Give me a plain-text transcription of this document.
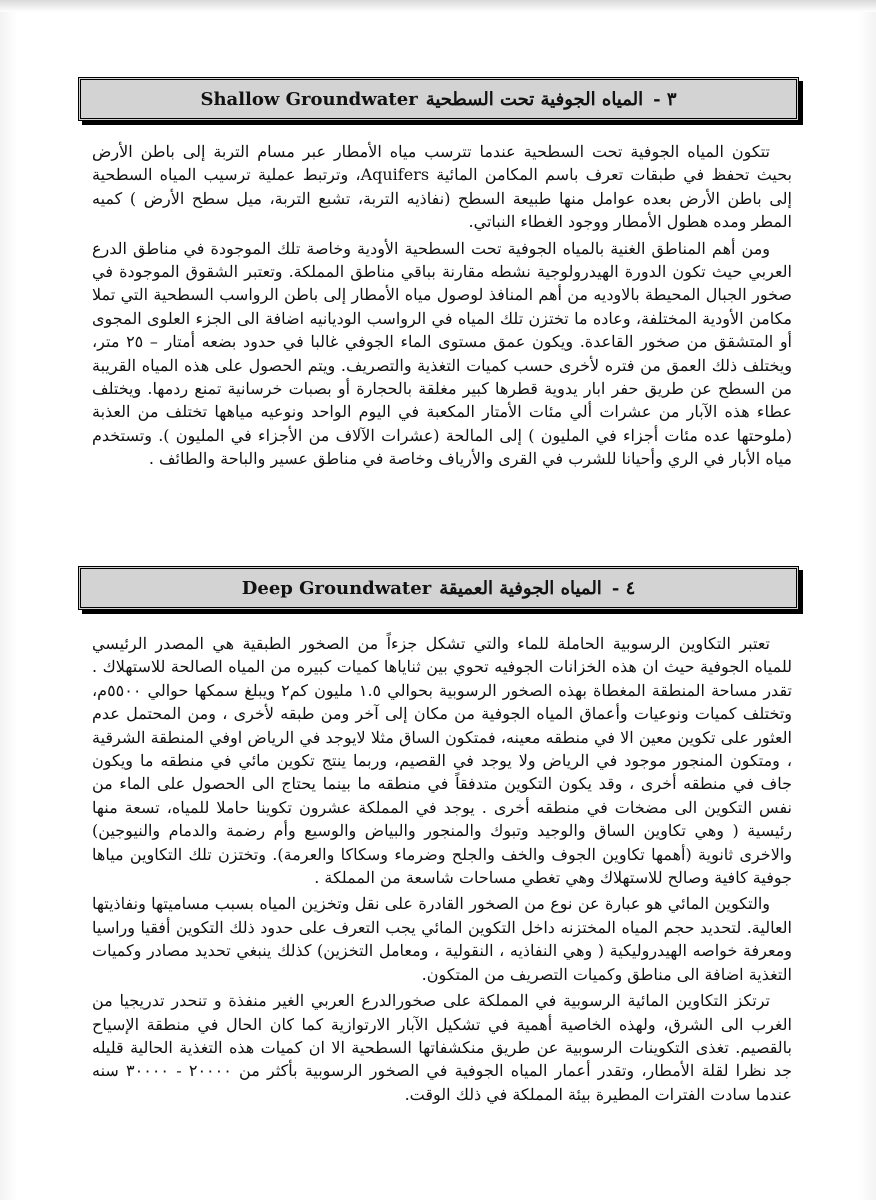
٣ -
المياه الجوفية تحت السطحية
Shallow Groundwater

تتكون المياه الجوفية تحت السطحية عندما تترسب مياه الأمطار عبر مسام التربة إلى باطن الأرض بحيث تحفظ في طبقات تعرف باسم المكامن المائية Aquifers، وترتبط عملية ترسيب المياه السطحية إلى باطن الأرض بعده عوامل منها طبيعة السطح (نفاذيه التربة، تشبع التربة، ميل سطح الأرض ) كميه المطر ومده هطول الأمطار ووجود الغطاء النباتي.

ومن أهم المناطق الغنية بالمياه الجوفية تحت السطحية الأودية وخاصة تلك الموجودة في مناطق الدرع العربي حيث تكون الدورة الهيدرولوجية نشطه مقارنة بباقي مناطق المملكة. وتعتبر الشقوق الموجودة في صخور الجبال المحيطة بالاوديه من أهم المنافذ لوصول مياه الأمطار إلى باطن الرواسب السطحية التي تملا مكامن الأودية المختلفة، وعاده ما تختزن تلك المياه في الرواسب الوديانيه اضافة الى الجزء العلوى المجوى أو المتشقق من صخور القاعدة. ويكون عمق مستوى الماء الجوفي غالبا في حدود بضعه أمتار – ٢٥ متر، ويختلف ذلك العمق من فتره لأخرى حسب كميات التغذية والتصريف. ويتم الحصول على هذه المياه القريبة من السطح عن طريق حفر ابار يدوية قطرها كبير مغلقة بالحجارة أو بصبات خرسانية تمنع ردمها. ويختلف عطاء هذه الآبار من عشرات ألي مئات الأمتار المكعبة في اليوم الواحد ونوعيه مياهها تختلف من العذبة (ملوحتها عده مئات أجزاء في المليون ) إلى المالحة (عشرات الآلاف من الأجزاء في المليون ). وتستخدم مياه الأبار في الري وأحيانا للشرب في القرى والأرياف وخاصة في مناطق عسير والباحة والطائف .

٤ -
المياه الجوفية العميقة
Deep Groundwater

تعتبر التكاوين الرسوبية الحاملة للماء والتي تشكل جزءاً من الصخور الطبقية هي المصدر الرئيسي للمياه الجوفية حيث ان هذه الخزانات الجوفيه تحوي بين ثناياها كميات كبيره من المياه الصالحة للاستهلاك . تقدر مساحة المنطقة المغطاة بهذه الصخور الرسوبية بحوالي ١.٥ مليون كم٢ ويبلغ سمكها حوالي ٥٥٠٠م، وتختلف كميات ونوعيات وأعماق المياه الجوفية من مكان إلى آخر ومن طبقه لأخرى ، ومن المحتمل عدم العثور على تكوين معين الا في منطقه معينه، فمتكون الساق مثلا لايوجد في الرياض اوفي المنطقة الشرقية ، ومتكون المنجور موجود في الرياض ولا يوجد في القصيم، وربما ينتج تكوين مائي في منطقه ما ويكون جاف في منطقه أخرى ، وقد يكون التكوين متدفقاً في منطقه ما بينما يحتاج الى الحصول على الماء من نفس التكوين الى مضخات في منطقه أخرى . يوجد في المملكة عشرون تكوينا حاملا للمياه، تسعة منها رئيسية ( وهي تكاوين الساق والوجيد وتبوك والمنجور والبياض والوسيع وأم رضمة والدمام والنيوجين) والاخرى ثانوية (أهمها تكاوين الجوف والخف والجلح وضرماء وسكاكا والعرمة). وتختزن تلك التكاوين مياها جوفية كافية وصالح للاستهلاك وهي تغطي مساحات شاسعة من المملكة .

والتكوين المائي هو عبارة عن نوع من الصخور القادرة على نقل وتخزين المياه بسبب مساميتها ونفاذيتها العالية. لتحديد حجم المياه المختزنه داخل التكوين المائي يجب التعرف على حدود ذلك التكوين أفقيا وراسيا ومعرفة خواصه الهيدروليكية ( وهي النفاذيه ، النقولية ، ومعامل التخزين) كذلك ينبغي تحديد مصادر وكميات التغذية اضافة الى مناطق وكميات التصريف من المتكون.

ترتكز التكاوين المائية الرسوبية في المملكة على صخورالدرع العربي الغير منفذة و تنحدر تدريجيا من الغرب الى الشرق، ولهذه الخاصية أهمية في تشكيل الآبار الارتوازية كما كان الحال في منطقة الإسياح بالقصيم. تغذى التكوينات الرسوبية عن طريق منكشفاتها السطحية الا ان كميات هذه التغذية الحالية قليله جد نظرا لقلة الأمطار، وتقدر أعمار المياه الجوفية في الصخور الرسوبية بأكثر من ٢٠٠٠٠ - ٣٠٠٠٠ سنه عندما سادت الفترات المطيرة بيئة المملكة في ذلك الوقت.
